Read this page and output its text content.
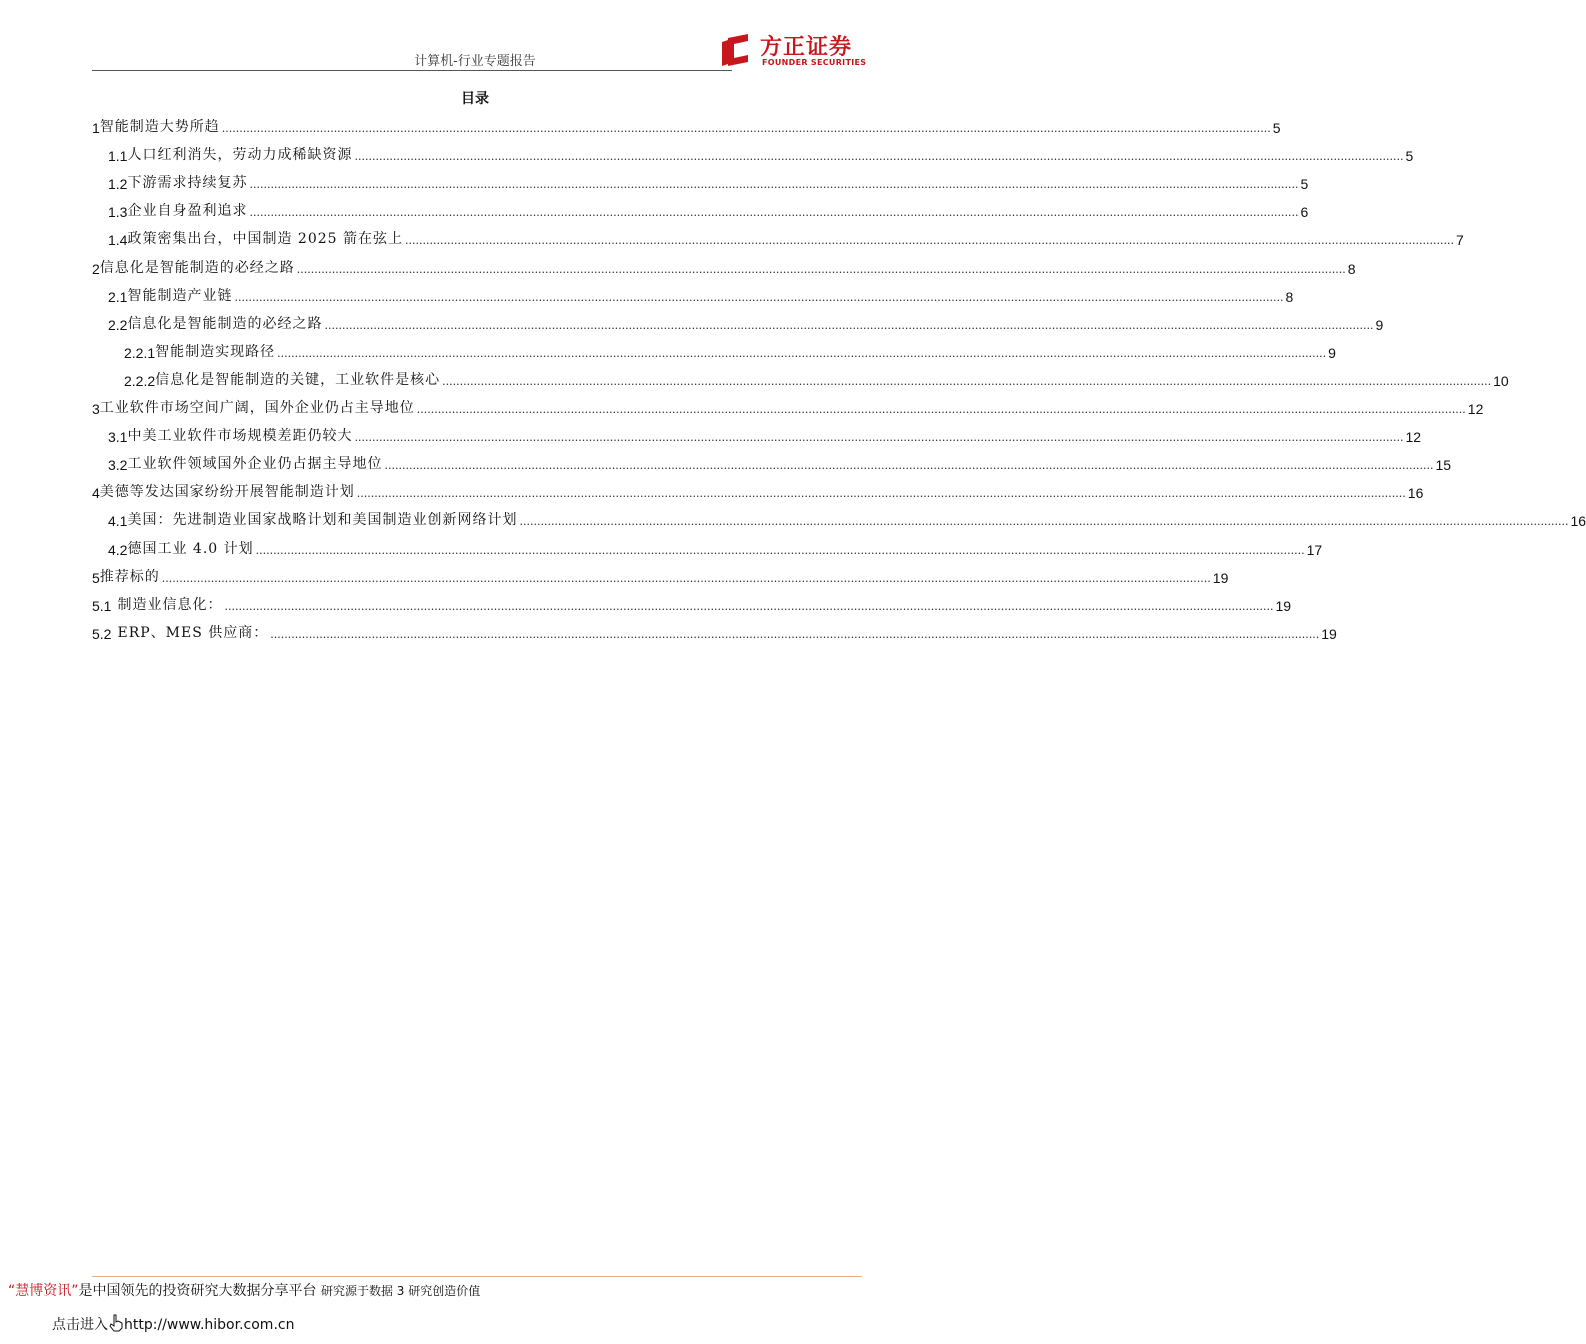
计算机-行业专题报告
方正证券
FOUNDER SECURITIES
目录
1 智能制造大势所趋 ............................................................................................................................................................................................................................................................................................................ 5
1.1 人口红利消失，劳动力成稀缺资源 ............................................................................................................................................................................................................................................................................................................ 5
1.2 下游需求持续复苏 ............................................................................................................................................................................................................................................................................................................ 5
1.3 企业自身盈利追求 ............................................................................................................................................................................................................................................................................................................ 6
1.4 政策密集出台，中国制造 2025 箭在弦上 ............................................................................................................................................................................................................................................................................................................ 7
2 信息化是智能制造的必经之路 ............................................................................................................................................................................................................................................................................................................ 8
2.1 智能制造产业链 ............................................................................................................................................................................................................................................................................................................ 8
2.2 信息化是智能制造的必经之路 ............................................................................................................................................................................................................................................................................................................ 9
2.2.1 智能制造实现路径 ............................................................................................................................................................................................................................................................................................................ 9
2.2.2 信息化是智能制造的关键，工业软件是核心 ............................................................................................................................................................................................................................................................................................................ 10
3 工业软件市场空间广阔，国外企业仍占主导地位 ............................................................................................................................................................................................................................................................................................................ 12
3.1 中美工业软件市场规模差距仍较大 ............................................................................................................................................................................................................................................................................................................ 12
3.2 工业软件领域国外企业仍占据主导地位 ............................................................................................................................................................................................................................................................................................................ 15
4 美德等发达国家纷纷开展智能制造计划 ............................................................................................................................................................................................................................................................................................................ 16
4.1 美国：先进制造业国家战略计划和美国制造业创新网络计划 ............................................................................................................................................................................................................................................................................................................ 16
4.2 德国工业 4.0 计划 ............................................................................................................................................................................................................................................................................................................ 17
5 推荐标的 ............................................................................................................................................................................................................................................................................................................ 19
5.1 制造业信息化： ............................................................................................................................................................................................................................................................................................................ 19
5.2 ERP、MES 供应商： ............................................................................................................................................................................................................................................................................................................ 19
“慧博资讯”是中国领先的投资研究大数据分享平台 研究源于数据 3 研究创造价值
点击进入 http://www.hibor.com.cn
